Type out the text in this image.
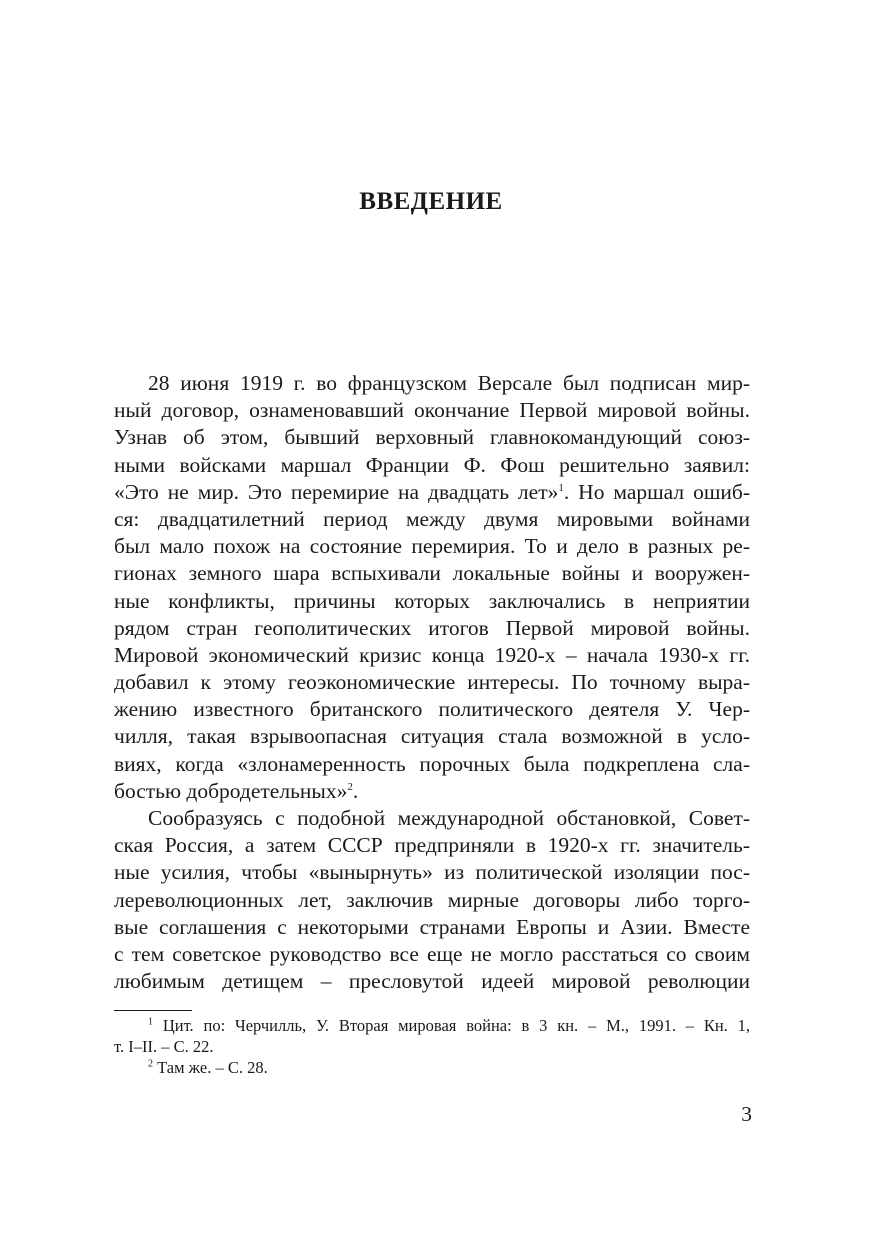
ВВЕДЕНИЕ
28 июня 1919 г. во французском Версале был подписан мир-
ный договор, ознаменовавший окончание Первой мировой войны.
Узнав об этом, бывший верховный главнокомандующий союз-
ными войсками маршал Франции Ф. Фош решительно заявил:
«Это не мир. Это перемирие на двадцать лет»$^1$. Но маршал ошиб-
ся: двадцатилетний период между двумя мировыми войнами
был мало похож на состояние перемирия. То и дело в разных ре-
гионах земного шара вспыхивали локальные войны и вооружен-
ные конфликты, причины которых заключались в неприятии
рядом стран геополитических итогов Первой мировой войны.
Мировой экономический кризис конца 1920-х – начала 1930-х гг.
добавил к этому геоэкономические интересы. По точному выра-
жению известного британского политического деятеля У. Чер-
чилля, такая взрывоопасная ситуация стала возможной в усло-
виях, когда «злонамеренность порочных была подкреплена сла-
бостью добродетельных»$^2$.
Сообразуясь с подобной международной обстановкой, Совет-
ская Россия, а затем СССР предприняли в 1920-х гг. значитель-
ные усилия, чтобы «вынырнуть» из политической изоляции пос-
лереволюционных лет, заключив мирные договоры либо торго-
вые соглашения с некоторыми странами Европы и Азии. Вместе
с тем советское руководство все еще не могло расстаться со своим
любимым детищем – пресловутой идеей мировой революции
$^1$ Цит. по: Черчилль, У. Вторая мировая война: в 3 кн. – М., 1991. – Кн. 1,
т. I–II. – С. 22.
$^2$ Там же. – С. 28.
3
